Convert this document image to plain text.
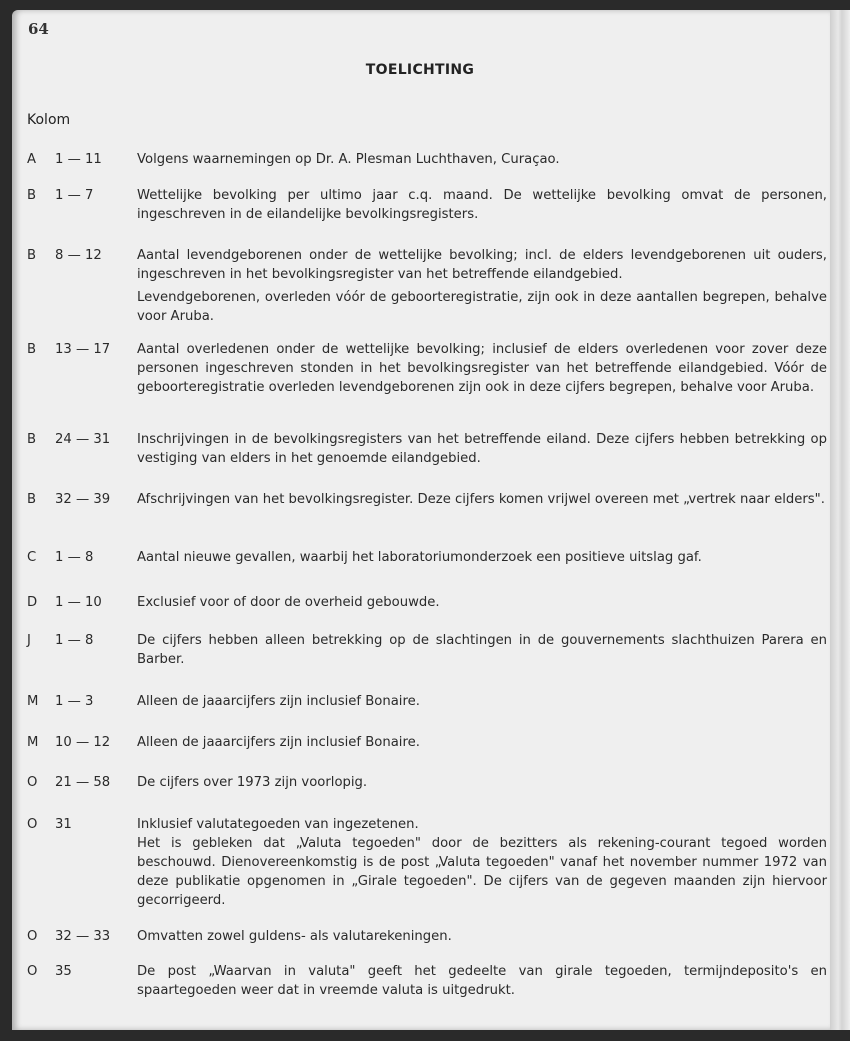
64
TOELICHTING
Kolom
A	1 — 11	Volgens waarnemingen op Dr. A. Plesman Luchthaven, Curaçao.

B	1 — 7	Wettelijke bevolking per ultimo jaar c.q. maand. De wettelijke bevolking omvat de personen, ingeschreven in de eilandelijke bevolkingsregisters.

B	8 — 12	Aantal levendgeborenen onder de wettelijke bevolking; incl. de elders levendgeborenen uit ouders, ingeschreven in het bevolkingsregister van het betreffende eilandgebied.

Levendgeborenen, overleden vóór de geboorteregistratie, zijn ook in deze aantallen begrepen, behalve voor Aruba.

B	13 — 17	Aantal overledenen onder de wettelijke bevolking; inclusief de elders overledenen voor zover deze personen ingeschreven stonden in het bevolkingsregister van het betreffende eilandgebied. Vóór de geboorteregistratie overleden levendgeborenen zijn ook in deze cijfers begrepen, behalve voor Aruba.

B	24 — 31	Inschrijvingen in de bevolkingsregisters van het betreffende eiland. Deze cijfers hebben betrekking op vestiging van elders in het genoemde eilandgebied.

B	32 — 39	Afschrijvingen van het bevolkingsregister. Deze cijfers komen vrijwel overeen met „vertrek naar elders".

C	1 — 8	Aantal nieuwe gevallen, waarbij het laboratoriumonderzoek een positieve uitslag gaf.

D	1 — 10	Exclusief voor of door de overheid gebouwde.

J	1 — 8	De cijfers hebben alleen betrekking op de slachtingen in de gouvernements slachthuizen Parera en Barber.

M	1 — 3	Alleen de jaaarcijfers zijn inclusief Bonaire.

M	10 — 12	Alleen de jaaarcijfers zijn inclusief Bonaire.

O	21 — 58	De cijfers over 1973 zijn voorlopig.

O	31	Inklusief valutategoeden van ingezetenen.

Het is gebleken dat „Valuta tegoeden" door de bezitters als rekening-courant tegoed worden beschouwd. Dienovereenkomstig is de post „Valuta tegoeden" vanaf het november nummer 1972 van deze publikatie opgenomen in „Girale tegoeden". De cijfers van de gegeven maanden zijn hiervoor gecorrigeerd.

O	32 — 33	Omvatten zowel guldens- als valutarekeningen.

O	35	De post „Waarvan in valuta" geeft het gedeelte van girale tegoeden, termijndeposito's en spaartegoeden weer dat in vreemde valuta is uitgedrukt.
